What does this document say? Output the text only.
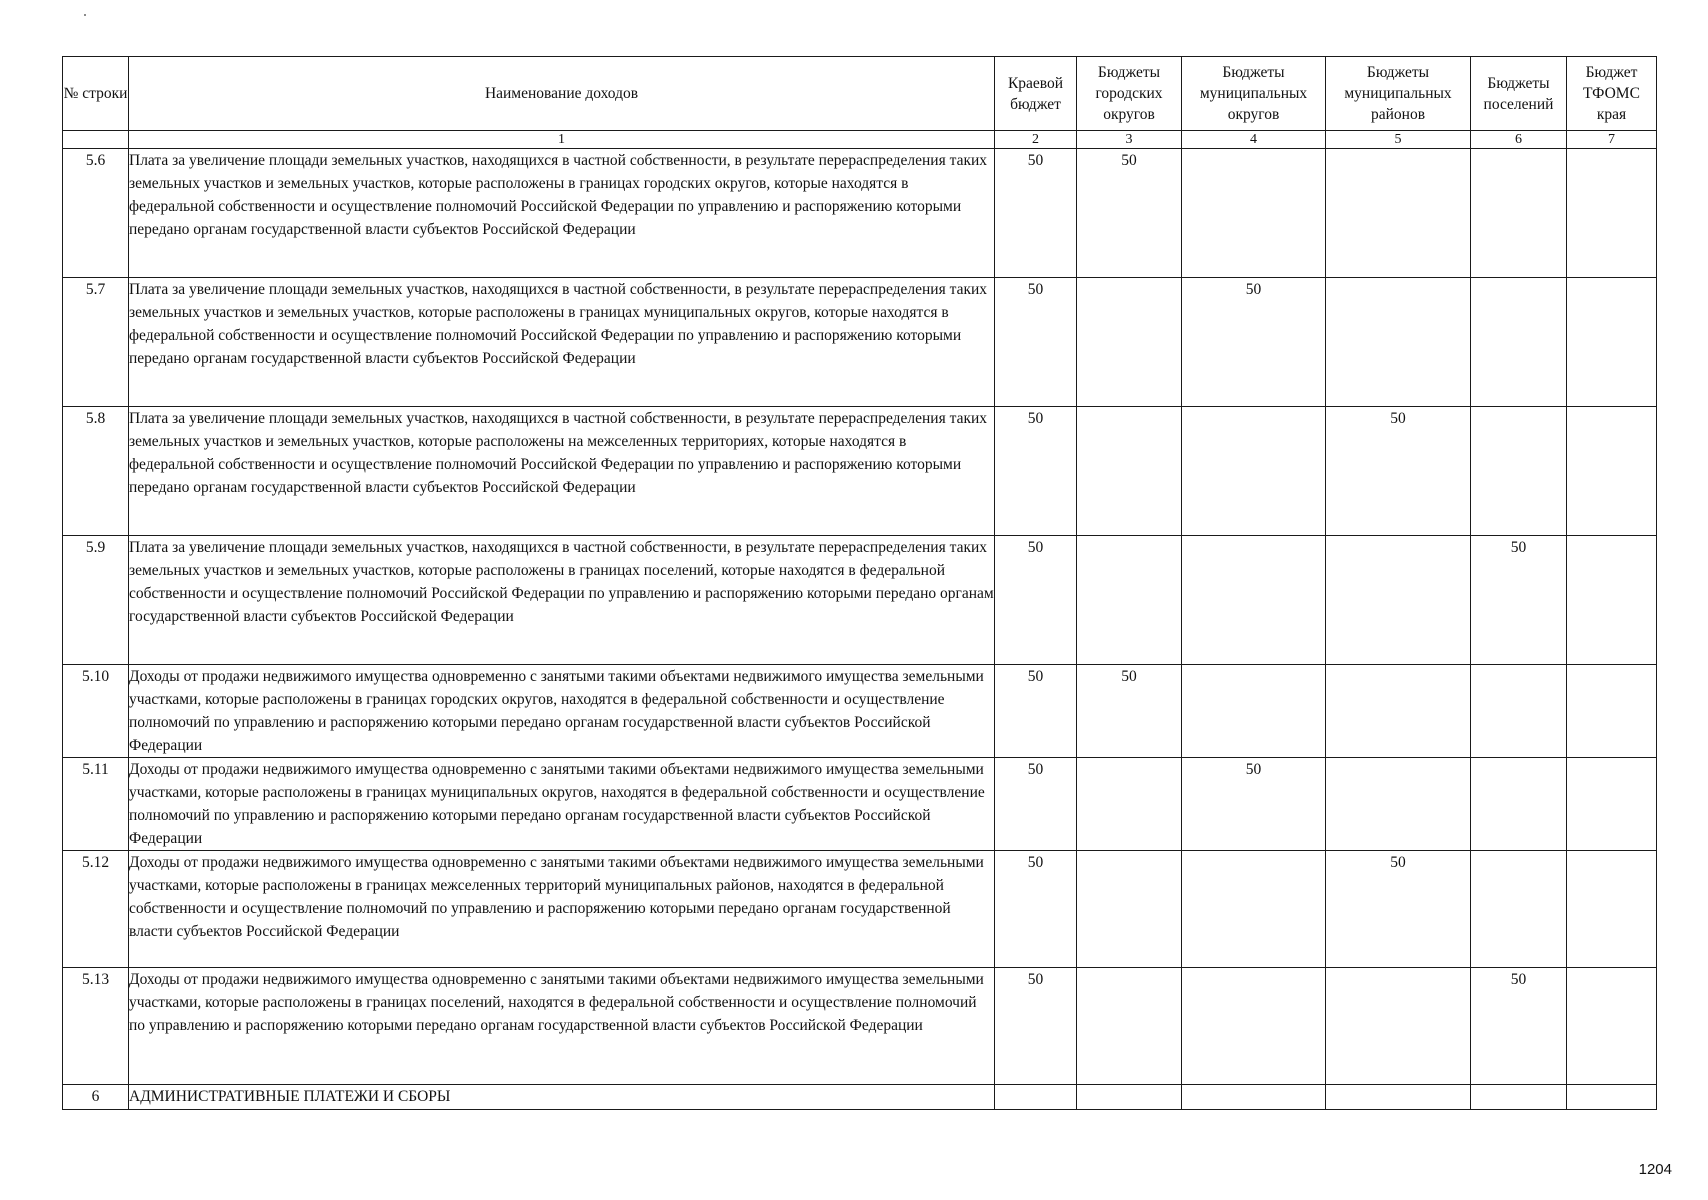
№ строки	Наименование доходов	Краевой бюджет	Бюджеты городских округов	Бюджеты муниципальных округов	Бюджеты муниципальных районов	Бюджеты поселений	Бюджет ТФОМС края
	1	2	3	4	5	6	7
5.6	Плата за увеличение площади земельных участков, находящихся в частной собственности, в результате перераспределения таких земельных участков и земельных участков, которые расположены в границах городских округов, которые находятся в федеральной собственности и осуществление полномочий Российской Федерации по управлению и распоряжению которыми передано органам государственной власти субъектов Российской Федерации	50	50				
5.7	Плата за увеличение площади земельных участков, находящихся в частной собственности, в результате перераспределения таких земельных участков и земельных участков, которые расположены в границах муниципальных округов, которые находятся в федеральной собственности и осуществление полномочий Российской Федерации по управлению и распоряжению которыми передано органам государственной власти субъектов Российской Федерации	50		50			
5.8	Плата за увеличение площади земельных участков, находящихся в частной собственности, в результате перераспределения таких земельных участков и земельных участков, которые расположены на межселенных территориях, которые находятся в федеральной собственности и осуществление полномочий Российской Федерации по управлению и распоряжению которыми передано органам государственной власти субъектов Российской Федерации	50			50		
5.9	Плата за увеличение площади земельных участков, находящихся в частной собственности, в результате перераспределения таких земельных участков и земельных участков, которые расположены в границах поселений, которые находятся в федеральной собственности и осуществление полномочий Российской Федерации по управлению и распоряжению которыми передано органам государственной власти субъектов Российской Федерации	50				50	
5.10	Доходы от продажи недвижимого имущества одновременно с занятыми такими объектами недвижимого имущества земельными участками, которые расположены в границах городских округов, находятся в федеральной собственности и осуществление полномочий по управлению и распоряжению которыми передано органам государственной власти субъектов Российской Федерации	50	50				
5.11	Доходы от продажи недвижимого имущества одновременно с занятыми такими объектами недвижимого имущества земельными участками, которые расположены в границах муниципальных округов, находятся в федеральной собственности и осуществление полномочий по управлению и распоряжению которыми передано органам государственной власти субъектов Российской Федерации	50		50			
5.12	Доходы от продажи недвижимого имущества одновременно с занятыми такими объектами недвижимого имущества земельными участками, которые расположены в границах межселенных территорий муниципальных районов, находятся в федеральной собственности и осуществление полномочий по управлению и распоряжению которыми передано органам государственной власти субъектов Российской Федерации	50			50		
5.13	Доходы от продажи недвижимого имущества одновременно с занятыми такими объектами недвижимого имущества земельными участками, которые расположены в границах поселений, находятся в федеральной собственности и осуществление полномочий по управлению и распоряжению которыми передано органам государственной власти субъектов Российской Федерации	50				50	
6	АДМИНИСТРАТИВНЫЕ ПЛАТЕЖИ И СБОРЫ						
1204
